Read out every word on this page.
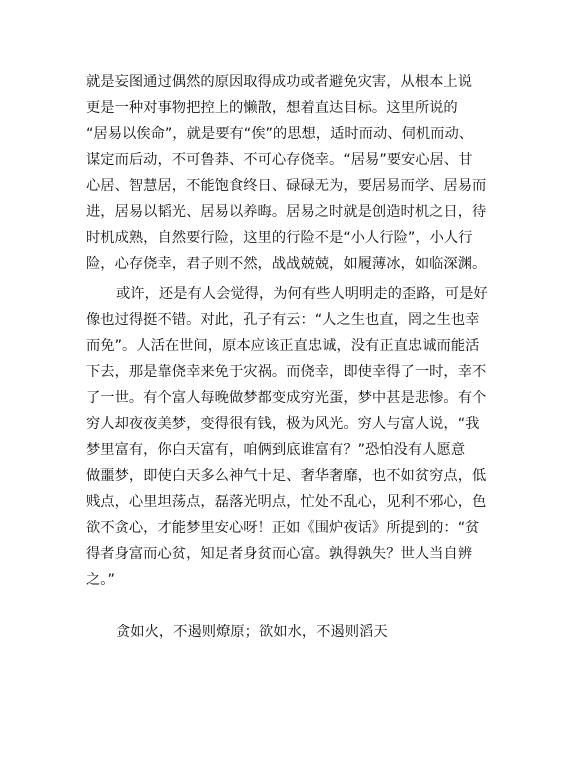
就是妄图通过偶然的原因取得成功或者避免灾害，从根本上说
更是一种对事物把控上的懒散，想着直达目标。这里所说的
“居易以俟命”，就是要有“俟”的思想，适时而动、伺机而动、
谋定而后动，不可鲁莽、不可心存侥幸。“居易”要安心居、甘
心居、智慧居，不能饱食终日、碌碌无为，要居易而学、居易而
进，居易以韬光、居易以养晦。居易之时就是创造时机之日，待
时机成熟，自然要行险，这里的行险不是“小人行险”，小人行
险，心存侥幸，君子则不然，战战兢兢，如履薄冰，如临深渊。
或许，还是有人会觉得，为何有些人明明走的歪路，可是好
像也过得挺不错。对此，孔子有云：“人之生也直，罔之生也幸
而免”。人活在世间，原本应该正直忠诚，没有正直忠诚而能活
下去，那是靠侥幸来免于灾祸。而侥幸，即使幸得了一时，幸不
了一世。有个富人每晚做梦都变成穷光蛋，梦中甚是悲惨。有个
穷人却夜夜美梦，变得很有钱，极为风光。穷人与富人说，“我
梦里富有，你白天富有，咱俩到底谁富有？”恐怕没有人愿意
做噩梦，即使白天多么神气十足、奢华奢靡，也不如贫穷点，低
贱点，心里坦荡点，磊落光明点，忙处不乱心，见利不邪心，色
欲不贪心，才能梦里安心呀！正如《围炉夜话》所提到的：“贫
得者身富而心贫，知足者身贫而心富。孰得孰失？世人当自辨
之。”
贪如火，不遏则燎原；欲如水，不遏则滔天
